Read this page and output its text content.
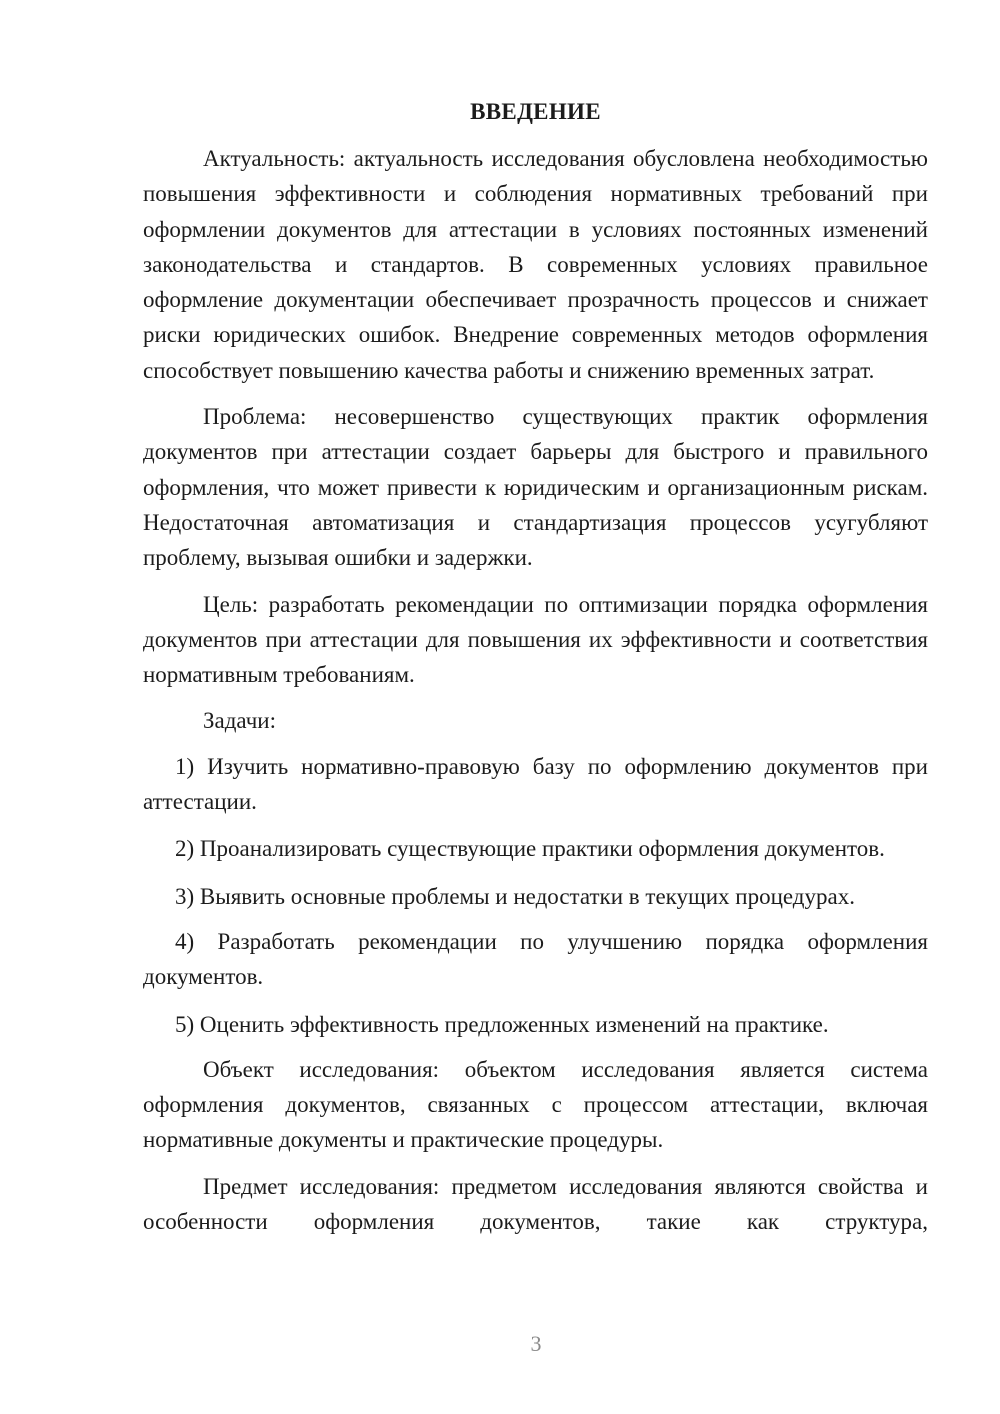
ВВЕДЕНИЕ

Актуальность: актуальность исследования обусловлена необходимостью повышения эффективности и соблюдения нормативных требований при оформлении документов для аттестации в условиях постоянных изменений законодательства и стандартов. В современных условиях правильное оформление документации обеспечивает прозрачность процессов и снижает риски юридических ошибок. Внедрение современных методов оформления способствует повышению качества работы и снижению временных затрат.

Проблема: несовершенство существующих практик оформления документов при аттестации создает барьеры для быстрого и правильного оформления, что может привести к юридическим и организационным рискам. Недостаточная автоматизация и стандартизация процессов усугубляют проблему, вызывая ошибки и задержки.

Цель: разработать рекомендации по оптимизации порядка оформления документов при аттестации для повышения их эффективности и соответствия нормативным требованиям.

Задачи:

1) Изучить нормативно-правовую базу по оформлению документов при аттестации.

2) Проанализировать существующие практики оформления документов.

3) Выявить основные проблемы и недостатки в текущих процедурах.

4) Разработать рекомендации по улучшению порядка оформления документов.

5) Оценить эффективность предложенных изменений на практике.

Объект исследования: объектом исследования является система оформления документов, связанных с процессом аттестации, включая нормативные документы и практические процедуры.

Предмет исследования: предметом исследования являются свойства и особенности оформления документов, такие как структура,

3
